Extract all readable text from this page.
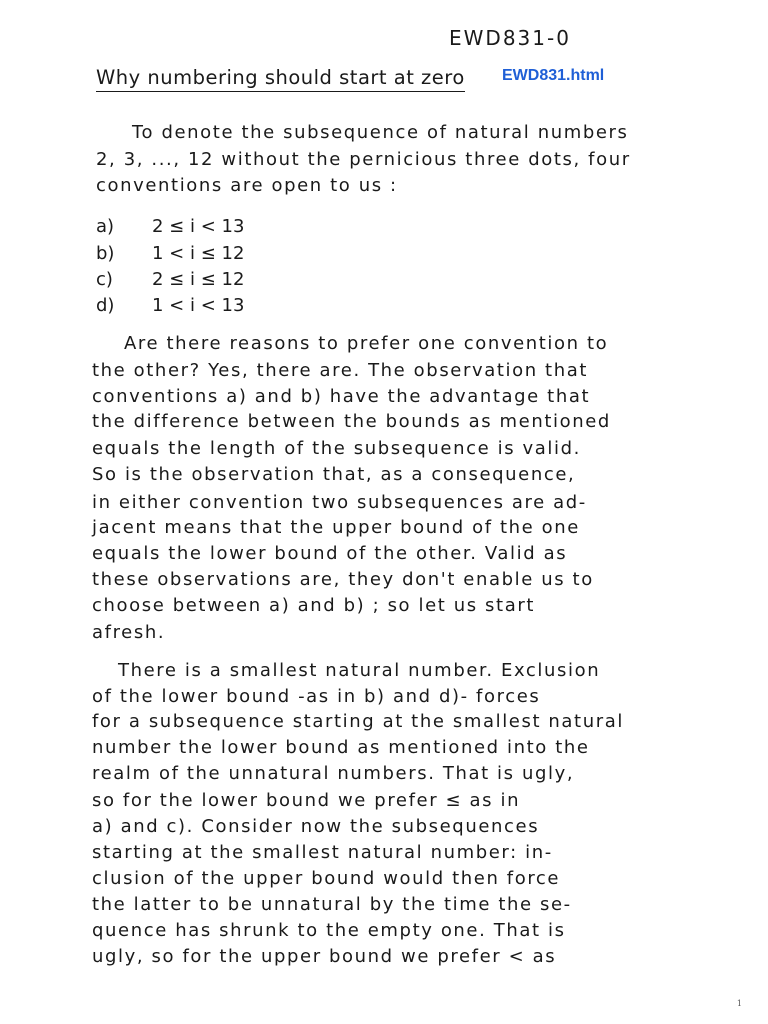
EWD831-0
Why numbering should start at zero EWD831.html
To denote the subsequence of natural numbers
2, 3, ..., 12 without the pernicious three dots, four
conventions are open to us :
a) 2 ≤ i < 13
b) 1 < i ≤ 12
c) 2 ≤ i ≤ 12
d) 1 < i < 13
Are there reasons to prefer one convention to
the other? Yes, there are. The observation that
conventions a) and b) have the advantage that
the difference between the bounds as mentioned
equals the length of the subsequence is valid.
So is the observation that, as a consequence,
in either convention two subsequences are ad-
jacent means that the upper bound of the one
equals the lower bound of the other. Valid as
these observations are, they don't enable us to
choose between a) and b) ; so let us start
afresh.
There is a smallest natural number. Exclusion
of the lower bound -as in b) and d)- forces
for a subsequence starting at the smallest natural
number the lower bound as mentioned into the
realm of the unnatural numbers. That is ugly,
so for the lower bound we prefer ≤ as in
a) and c). Consider now the subsequences
starting at the smallest natural number: in-
clusion of the upper bound would then force
the latter to be unnatural by the time the se-
quence has shrunk to the empty one. That is
ugly, so for the upper bound we prefer < as
1
